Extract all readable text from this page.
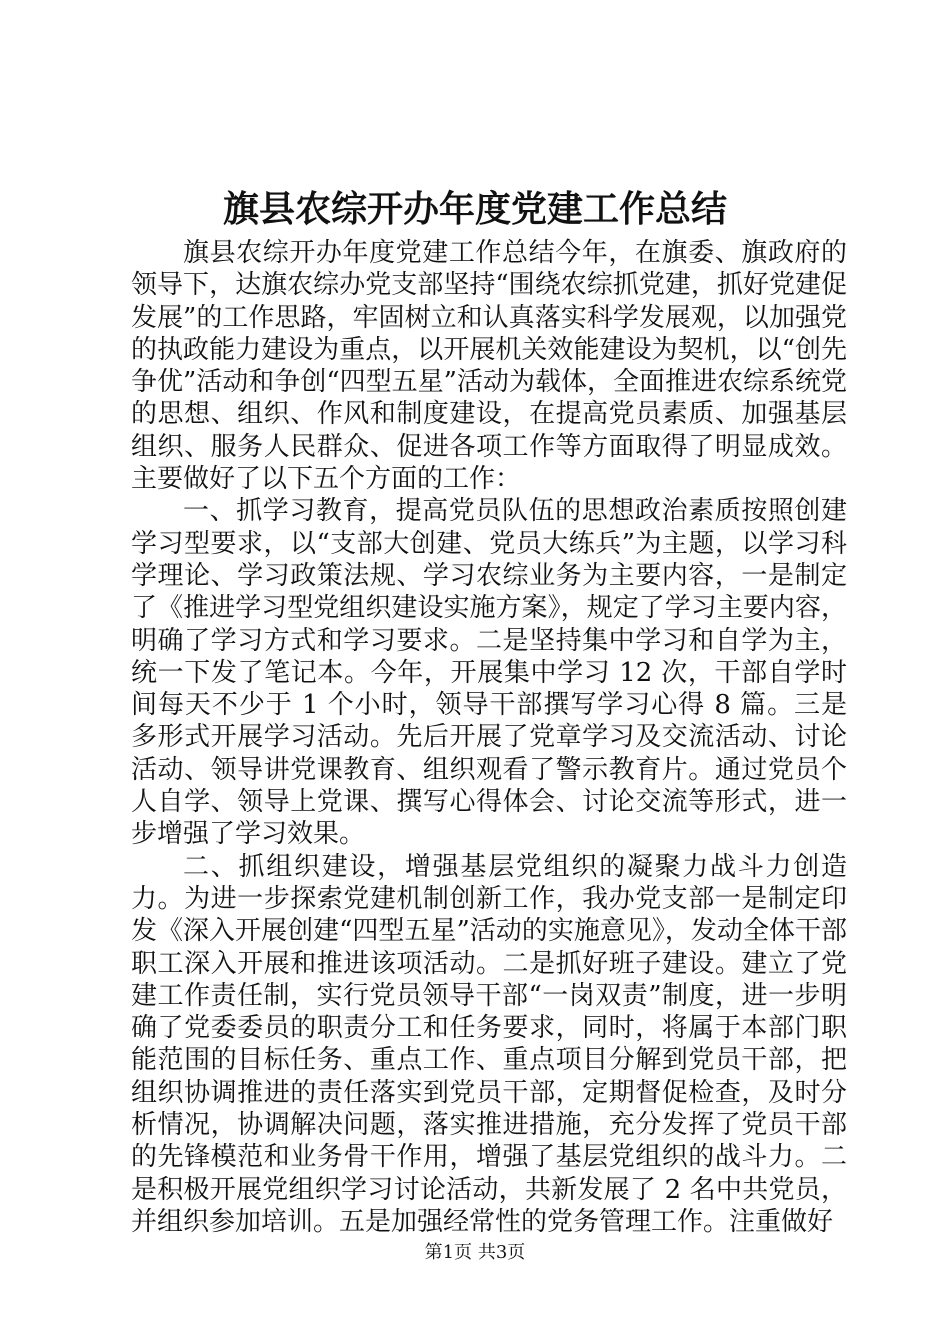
旗县农综开办年度党建工作总结

旗县农综开办年度党建工作总结今年，在旗委、旗政府的领导下，达旗农综办党支部坚持“围绕农综抓党建，抓好党建促发展”的工作思路，牢固树立和认真落实科学发展观，以加强党的执政能力建设为重点，以开展机关效能建设为契机，以“创先争优”活动和争创“四型五星”活动为载体，全面推进农综系统党的思想、组织、作风和制度建设，在提高党员素质、加强基层组织、服务人民群众、促进各项工作等方面取得了明显成效。主要做好了以下五个方面的工作：

一、抓学习教育，提高党员队伍的思想政治素质按照创建学习型要求，以“支部大创建、党员大练兵”为主题，以学习科学理论、学习政策法规、学习农综业务为主要内容，一是制定了《推进学习型党组织建设实施方案》，规定了学习主要内容，明确了学习方式和学习要求。二是坚持集中学习和自学为主，统一下发了笔记本。今年，开展集中学习 12 次，干部自学时间每天不少于 1 个小时，领导干部撰写学习心得 8 篇。三是多形式开展学习活动。先后开展了党章学习及交流活动、讨论活动、领导讲党课教育、组织观看了警示教育片。通过党员个人自学、领导上党课、撰写心得体会、讨论交流等形式，进一步增强了学习效果。

二、抓组织建设，增强基层党组织的凝聚力战斗力创造力。为进一步探索党建机制创新工作，我办党支部一是制定印发《深入开展创建“四型五星”活动的实施意见》，发动全体干部职工深入开展和推进该项活动。二是抓好班子建设。建立了党建工作责任制，实行党员领导干部“一岗双责”制度，进一步明确了党委委员的职责分工和任务要求，同时，将属于本部门职能范围的目标任务、重点工作、重点项目分解到党员干部，把组织协调推进的责任落实到党员干部，定期督促检查，及时分析情况，协调解决问题，落实推进措施，充分发挥了党员干部的先锋模范和业务骨干作用，增强了基层党组织的战斗力。二是积极开展党组织学习讨论活动，共新发展了 2 名中共党员，并组织参加培训。五是加强经常性的党务管理工作。注重做好

第1页 共3页
